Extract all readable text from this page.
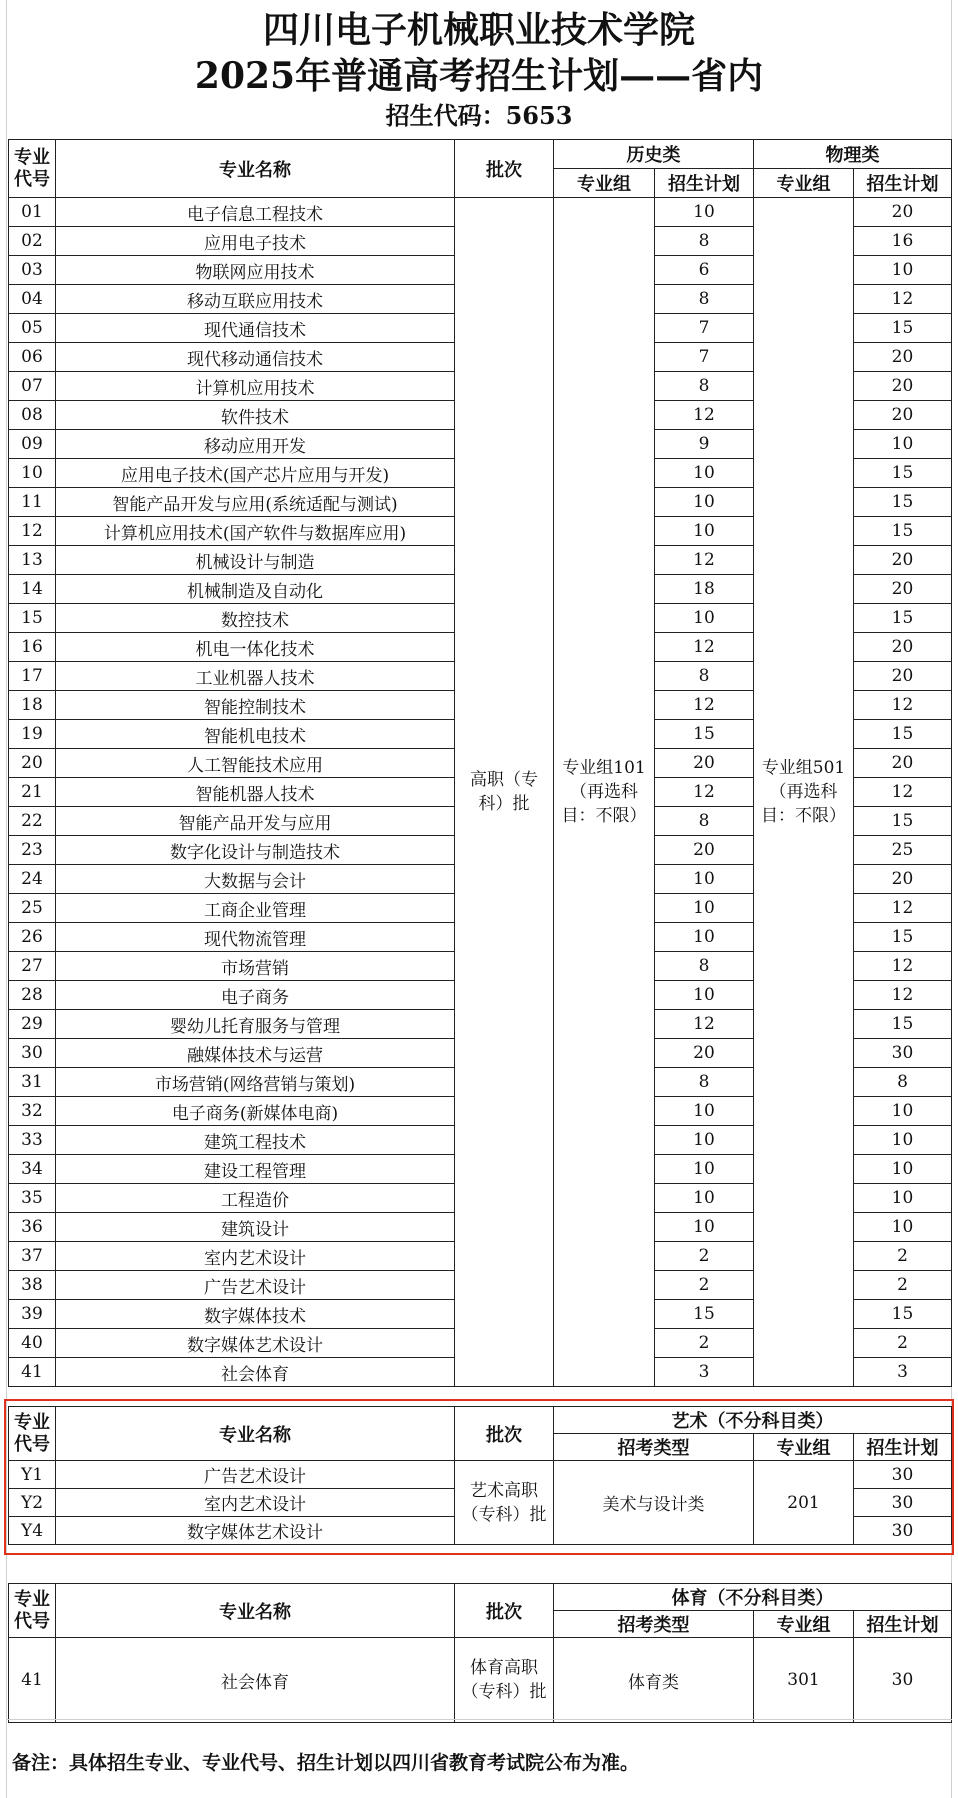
四川电子机械职业技术学院
2025年普通高考招生计划——省内
招生代码：5653
专业代号	专业名称	批次	历史类		物理类	
			专业组	招生计划	专业组	招生计划
01	电子信息工程技术	高职（专科）批	专业组101（再选科目：不限）	10	专业组501（再选科目：不限）	20
02	应用电子技术			8		16
03	物联网应用技术			6		10
04	移动互联应用技术			8		12
05	现代通信技术			7		15
06	现代移动通信技术			7		20
07	计算机应用技术			8		20
08	软件技术			12		20
09	移动应用开发			9		10
10	应用电子技术(国产芯片应用与开发)			10		15
11	智能产品开发与应用(系统适配与测试)			10		15
12	计算机应用技术(国产软件与数据库应用)			10		15
13	机械设计与制造			12		20
14	机械制造及自动化			18		20
15	数控技术			10		15
16	机电一体化技术			12		20
17	工业机器人技术			8		20
18	智能控制技术			12		12
19	智能机电技术			15		15
20	人工智能技术应用			20		20
21	智能机器人技术			12		12
22	智能产品开发与应用			8		15
23	数字化设计与制造技术			20		25
24	大数据与会计			10		20
25	工商企业管理			10		12
26	现代物流管理			10		15
27	市场营销			8		12
28	电子商务			10		12
29	婴幼儿托育服务与管理			12		15
30	融媒体技术与运营			20		30
31	市场营销(网络营销与策划)			8		8
32	电子商务(新媒体电商)			10		10
33	建筑工程技术			10		10
34	建设工程管理			10		10
35	工程造价			10		10
36	建筑设计			10		10
37	室内艺术设计			2		2
38	广告艺术设计			2		2
39	数字媒体技术			15		15
40	数字媒体艺术设计			2		2
41	社会体育			3		3
专业代号	专业名称	批次	艺术（不分科目类）		
			招考类型	专业组	招生计划
Y1	广告艺术设计	艺术高职（专科）批	美术与设计类	201	30
Y2	室内艺术设计				30
Y4	数字媒体艺术设计				30
专业代号	专业名称	批次	体育（不分科目类）		
			招考类型	专业组	招生计划
41	社会体育	体育高职（专科）批	体育类	301	30
备注：具体招生专业、专业代号、招生计划以四川省教育考试院公布为准。
